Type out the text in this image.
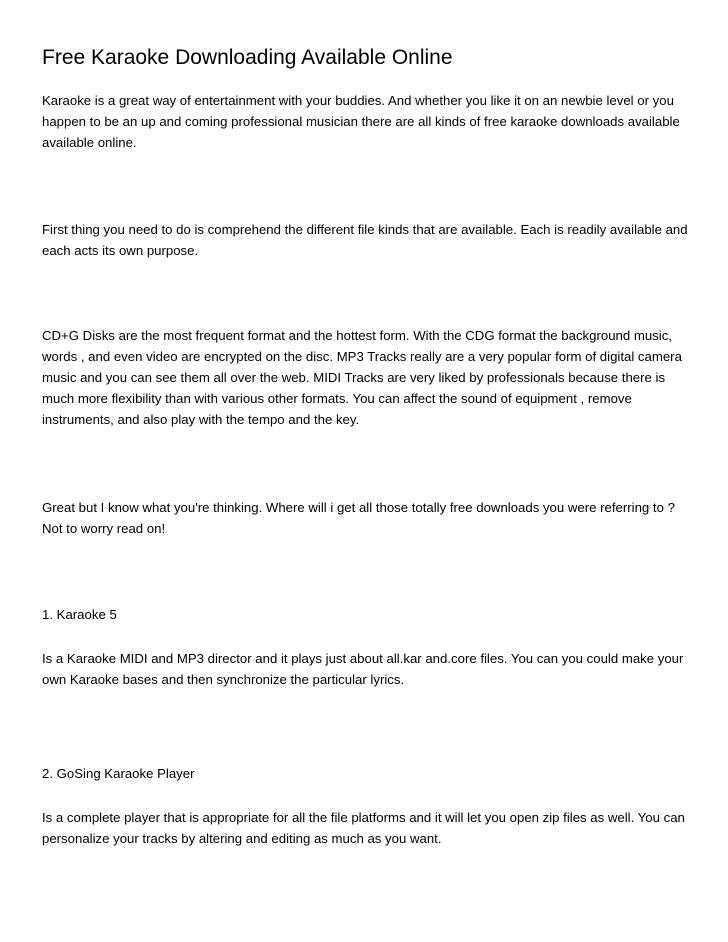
Free Karaoke Downloading Available Online

Karaoke is a great way of entertainment with your buddies. And whether you like it on an newbie level or you happen to be an up and coming professional musician there are all kinds of free karaoke downloads available available online.

First thing you need to do is comprehend the different file kinds that are available. Each is readily available and each acts its own purpose.

CD+G Disks are the most frequent format and the hottest form. With the CDG format the background music, words , and even video are encrypted on the disc. MP3 Tracks really are a very popular form of digital camera music and you can see them all over the web. MIDI Tracks are very liked by professionals because there is much more flexibility than with various other formats. You can affect the sound of equipment , remove instruments, and also play with the tempo and the key.

Great but I know what you're thinking. Where will i get all those totally free downloads you were referring to ? Not to worry read on!

1. Karaoke 5

Is a Karaoke MIDI and MP3 director and it plays just about all.kar and.core files. You can you could make your own Karaoke bases and then synchronize the particular lyrics.

2. GoSing Karaoke Player

Is a complete player that is appropriate for all the file platforms and it will let you open zip files as well. You can personalize your tracks by altering and editing as much as you want.
